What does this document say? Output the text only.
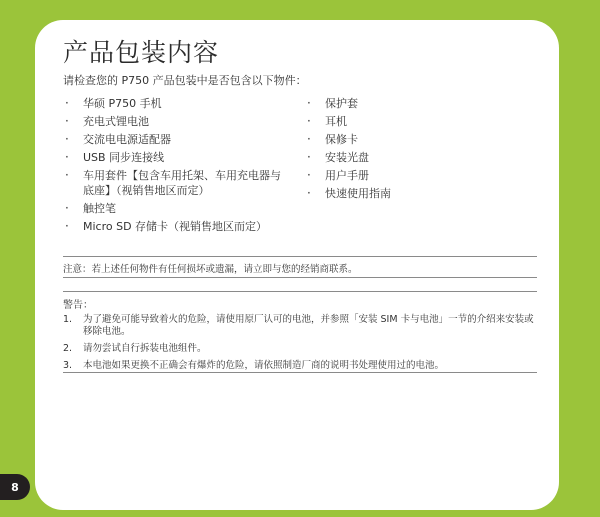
产品包装内容
请检查您的 P750 产品包装中是否包含以下物件：
· 华硕 P750 手机
· 充电式锂电池
· 交流电电源适配器
· USB 同步连接线
· 车用套件【包含车用托架、车用充电器与底座】（视销售地区而定）
· 触控笔
· Micro SD 存储卡（视销售地区而定）
· 保护套
· 耳机
· 保修卡
· 安装光盘
· 用户手册
· 快速使用指南
注意：若上述任何物件有任何损坏或遗漏，请立即与您的经销商联系。
警告：
1. 为了避免可能导致着火的危险，请使用原厂认可的电池，并参照「安装 SIM 卡与电池」一节的介绍来安装或移除电池。
2. 请勿尝试自行拆装电池组件。
3. 本电池如果更换不正确会有爆炸的危险，请依照制造厂商的说明书处理使用过的电池。
8
